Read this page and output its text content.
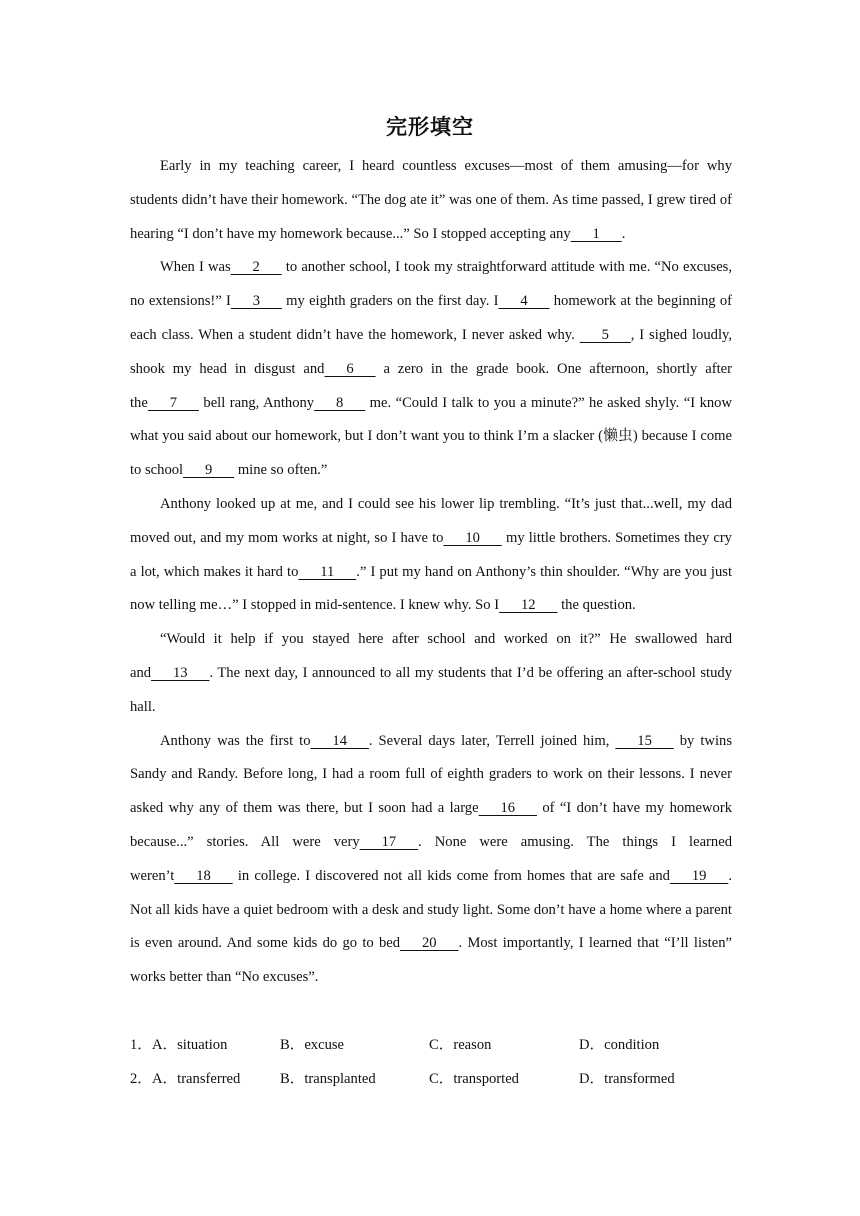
完形填空

Early in my teaching career, I heard countless excuses—most of them amusing—for why students didn’t have their homework. “The dog ate it” was one of them. As time passed, I grew tired of hearing “I don’t have my homework because...” So I stopped accepting any  1  .

When I was  2   to another school, I took my straightforward attitude with me. “No excuses, no extensions!” I  3   my eighth graders on the first day. I  4   homework at the beginning of each class. When a student didn’t have the homework, I never asked why.   5  , I sighed loudly, shook my head in disgust and  6   a zero in the grade book. One afternoon, shortly after the  7   bell rang, Anthony  8   me. “Could I talk to you a minute?” he asked shyly. “I know what you said about our homework, but I don’t want you to think I’m a slacker (懒虫) because I come to school  9   mine so often.”

Anthony looked up at me, and I could see his lower lip trembling. “It’s just that...well, my dad moved out, and my mom works at night, so I have to  10   my little brothers. Sometimes they cry a lot, which makes it hard to  11  .” I put my hand on Anthony’s thin shoulder. “Why are you just now telling me…” I stopped in mid-sentence. I knew why. So I  12   the question.

“Would it help if you stayed here after school and worked on it?” He swallowed hard and  13  . The next day, I announced to all my students that I’d be offering an after-school study hall.

Anthony was the first to  14  . Several days later, Terrell joined him,   15   by twins Sandy and Randy. Before long, I had a room full of eighth graders to work on their lessons. I never asked why any of them was there, but I soon had a large  16   of “I don’t have my homework because...” stories. All were very  17  . None were amusing. The things I learned weren’t  18   in college. I discovered not all kids come from homes that are safe and  19  . Not all kids have a quiet bedroom with a desk and study light. Some don’t have a home where a parent is even around. And some kids do go to bed  20  . Most importantly, I learned that “I’ll listen” works better than “No excuses”.

1． A．situation	B．excuse	C．reason	D．condition
2． A．transferred	B．transplanted	C．transported	D．transformed
